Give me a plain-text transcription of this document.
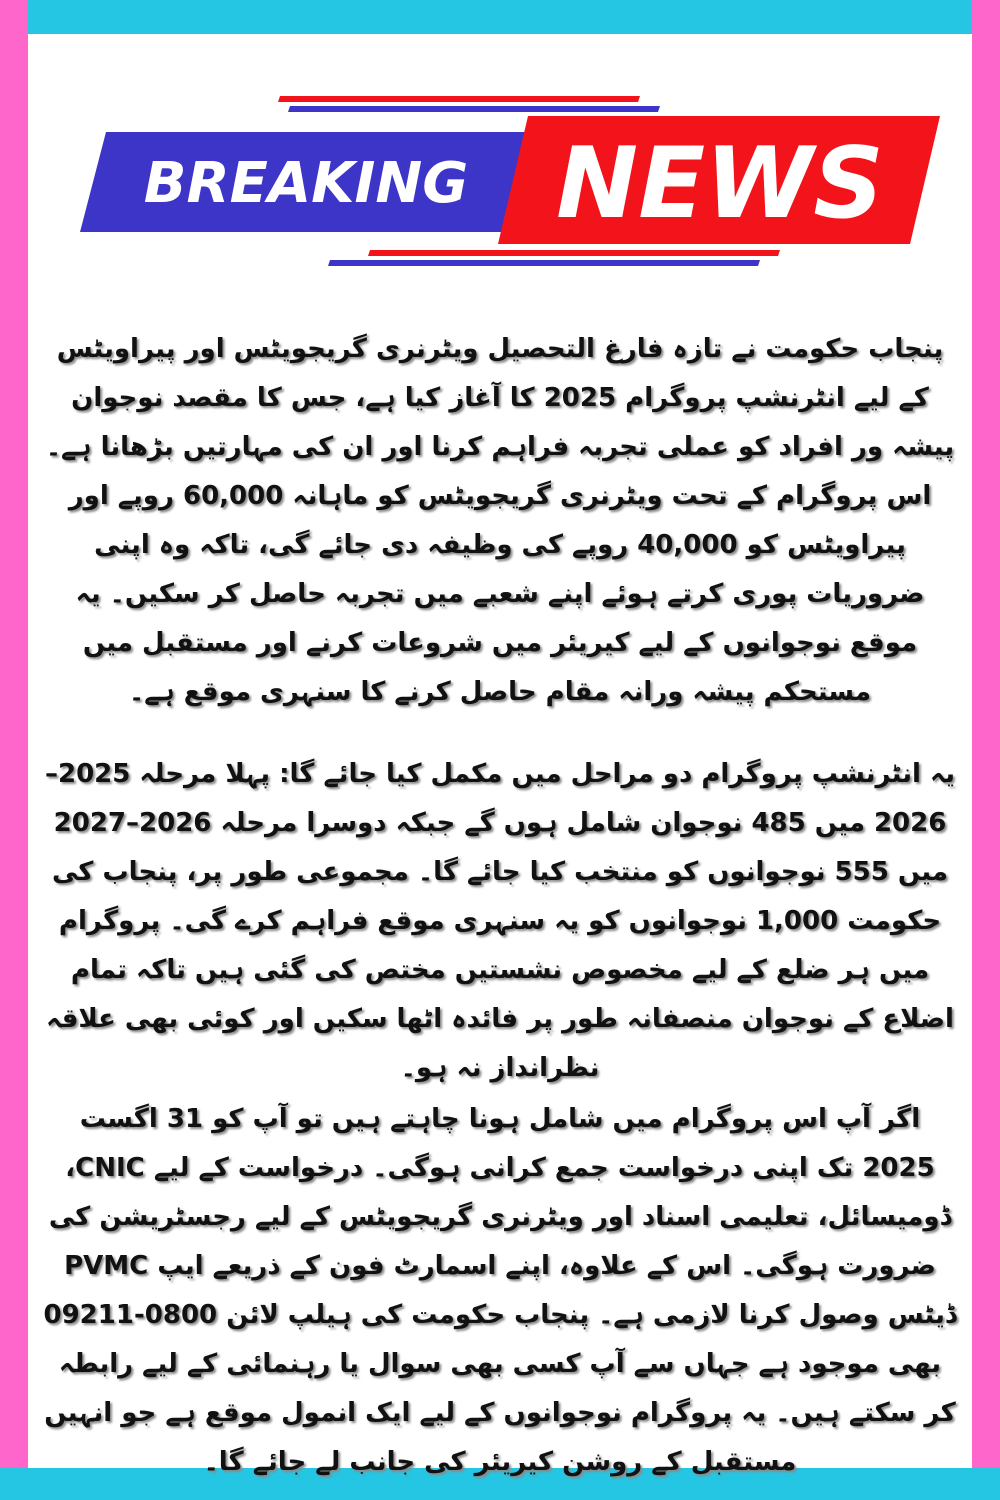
BREAKING NEWS

پنجاب حکومت نے تازہ فارغ التحصیل ویٹرنری گریجویٹس اور پیراویٹس کے لیے انٹرنشپ پروگرام 2025 کا آغاز کیا ہے، جس کا مقصد نوجوان پیشہ ور افراد کو عملی تجربہ فراہم کرنا اور ان کی مہارتیں بڑھانا ہے۔ اس پروگرام کے تحت ویٹرنری گریجویٹس کو ماہانہ 60,000 روپے اور پیراویٹس کو 40,000 روپے کی وظیفہ دی جائے گی، تاکہ وہ اپنی ضروریات پوری کرتے ہوئے اپنے شعبے میں تجربہ حاصل کر سکیں۔ یہ موقع نوجوانوں کے لیے کیریئر میں شروعات کرنے اور مستقبل میں مستحکم پیشہ ورانہ مقام حاصل کرنے کا سنہری موقع ہے۔

یہ انٹرنشپ پروگرام دو مراحل میں مکمل کیا جائے گا: پہلا مرحلہ 2025–2026 میں 485 نوجوان شامل ہوں گے جبکہ دوسرا مرحلہ 2026–2027 میں 555 نوجوانوں کو منتخب کیا جائے گا۔ مجموعی طور پر، پنجاب کی حکومت 1,000 نوجوانوں کو یہ سنہری موقع فراہم کرے گی۔ پروگرام میں ہر ضلع کے لیے مخصوص نشستیں مختص کی گئی ہیں تاکہ تمام اضلاع کے نوجوان منصفانہ طور پر فائدہ اٹھا سکیں اور کوئی بھی علاقہ نظرانداز نہ ہو۔

اگر آپ اس پروگرام میں شامل ہونا چاہتے ہیں تو آپ کو 31 اگست 2025 تک اپنی درخواست جمع کرانی ہوگی۔ درخواست کے لیے CNIC، ڈومیسائل، تعلیمی اسناد اور ویٹرنری گریجویٹس کے لیے رجسٹریشن کی ضرورت ہوگی۔ اس کے علاوہ، اپنے اسمارٹ فون کے ذریعے ایپ PVMC ڈیٹس وصول کرنا لازمی ہے۔ پنجاب حکومت کی ہیلپ لائن 0800-09211 بھی موجود ہے جہاں سے آپ کسی بھی سوال یا رہنمائی کے لیے رابطہ کر سکتے ہیں۔ یہ پروگرام نوجوانوں کے لیے ایک انمول موقع ہے جو انہیں مستقبل کے روشن کیریئر کی جانب لے جائے گا۔
